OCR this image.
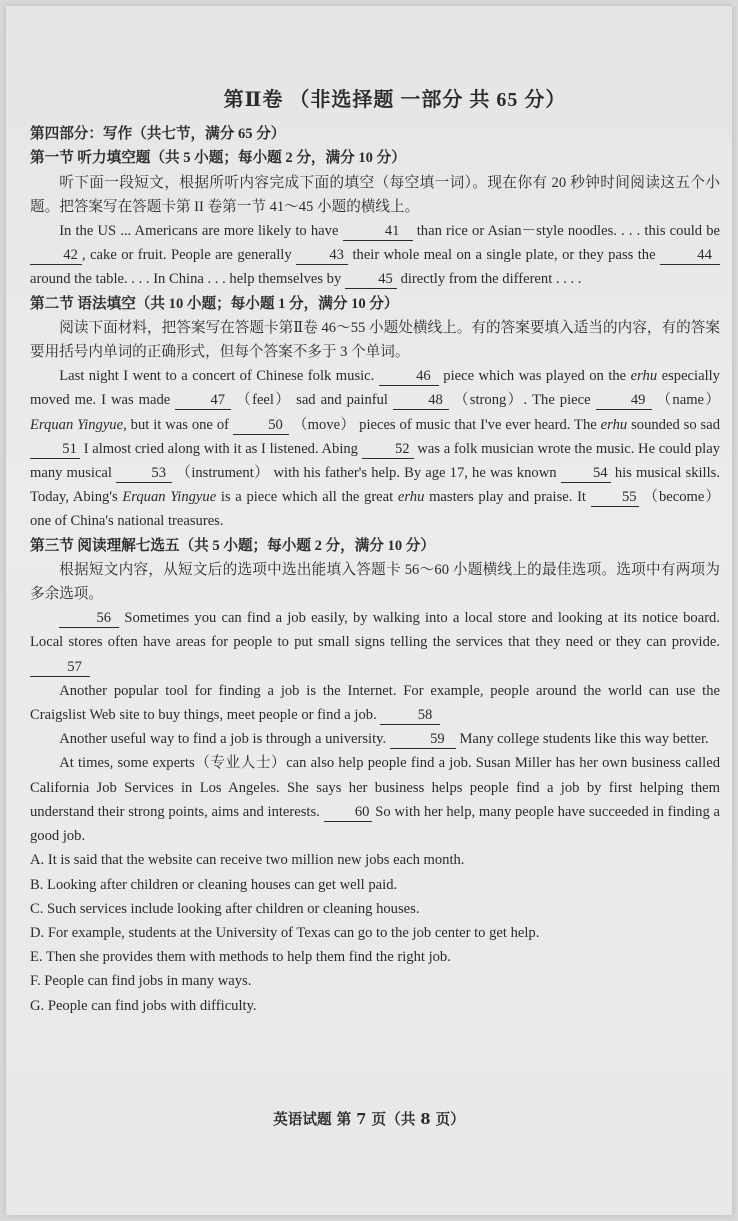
第Ⅱ卷 （非选择题 一部分 共 65 分）
第四部分：写作（共七节，满分 65 分）
第一节 听力填空题（共 5 小题；每小题 2 分，满分 10 分）

听下面一段短文，根据所听内容完成下面的填空（每空填一词）。现在你有 20 秒钟时间阅读这五个小题。把答案写在答题卡第 II 卷第一节 41～45 小题的横线上。

In the US ... Americans are more likely to have	41 than rice or Asian－style noodles. . . . this could be 42 , cake or fruit. People are generally	43 their whole meal on a single plate, or they pass the	44 around the table. . . . In China . . . help themselves by	45 directly from the different . . . .

第二节 语法填空（共 10 小题；每小题 1 分，满分 10 分）

阅读下面材料，把答案写在答题卡第Ⅱ卷 46～55 小题处横线上。有的答案要填入适当的内容，有的答案要用括号内单词的正确形式，但每个答案不多于 3 个单词。

Last night I went to a concert of Chinese folk music.	46 piece which was played on the erhu especially moved me. I was made	47 （feel） sad and painful	48 （strong）. The piece	49 （name） Erquan Yingyue, but it was one of	50 （move） pieces of music that I've ever heard. The erhu sounded so sad 51 I almost cried along with it as I listened. Abing	52 was a folk musician wrote the music. He could play many musical	53 （instrument） with his father's help. By age 17, he was known 54 his musical skills. Today, Abing's Erquan Yingyue is a piece which all the great erhu masters play and praise. It 55 （become） one of China's national treasures.

第三节 阅读理解七选五（共 5 小题；每小题 2 分，满分 10 分）

根据短文内容，从短文后的选项中选出能填入答题卡 56～60 小题横线上的最佳选项。选项中有两项为多余选项。

56 Sometimes you can find a job easily, by walking into a local store and looking at its notice board. Local stores often have areas for people to put small signs telling the services that they need or they can provide. 57

Another popular tool for finding a job is the Internet. For example, people around the world can use the Craigslist Web site to buy things, meet people or find a job.	58

Another useful way to find a job is through a university.	59 Many college students like this way better.

At times, some experts（专业人士）can also help people find a job. Susan Miller has her own business called California Job Services in Los Angeles. She says her business helps people find a job by first helping them understand their strong points, aims and interests. 60 So with her help, many people have succeeded in finding a good job.

A. It is said that the website can receive two million new jobs each month.

B. Looking after children or cleaning houses can get well paid.

C. Such services include looking after children or cleaning houses.

D. For example, students at the University of Texas can go to the job center to get help.

E. Then she provides them with methods to help them find the right job.

F. People can find jobs in many ways.

G. People can find jobs with difficulty.

英语试题 第 7 页（共 8 页）
